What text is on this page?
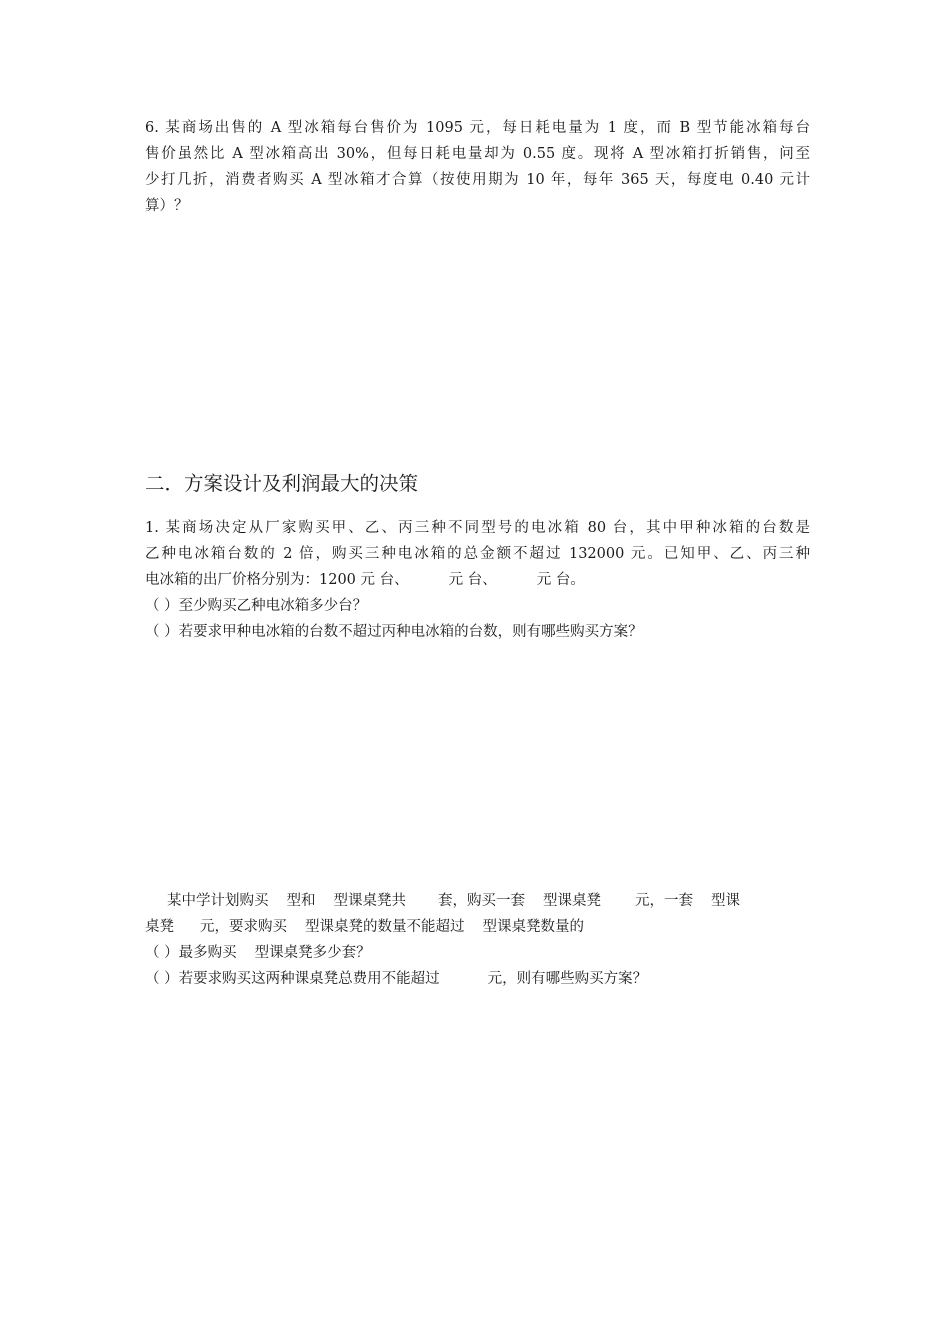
6. 某商场出售的 A 型冰箱每台售价为 1095 元，每日耗电量为 1 度，而 B 型节能冰箱每台
售价虽然比 A 型冰箱高出 30%，但每日耗电量却为 0.55 度。现将 A 型冰箱打折销售，问至
少打几折，消费者购买 A 型冰箱才合算（按使用期为 10 年，每年 365 天，每度电 0.40 元计
算）？
二．方案设计及利润最大的决策
1. 某商场决定从厂家购买甲、乙、丙三种不同型号的电冰箱 80 台，其中甲种冰箱的台数是
乙种电冰箱台数的 2 倍，购买三种电冰箱的总金额不超过 132000 元。已知甲、乙、丙三种
电冰箱的出厂价格分别为：1200 元 台、	元 台、	元 台。
（ ）至少购买乙种电冰箱多少台？
（ ）若要求甲种电冰箱的台数不超过丙种电冰箱的台数，则有哪些购买方案？
某中学计划购买 型和 型课桌凳共 套，购买一套 型课桌凳 元，一套 型课
桌凳 元，要求购买 型课桌凳的数量不能超过 型课桌凳数量的
（ ）最多购买 型课桌凳多少套？
（ ）若要求购买这两种课桌凳总费用不能超过	元，则有哪些购买方案？
